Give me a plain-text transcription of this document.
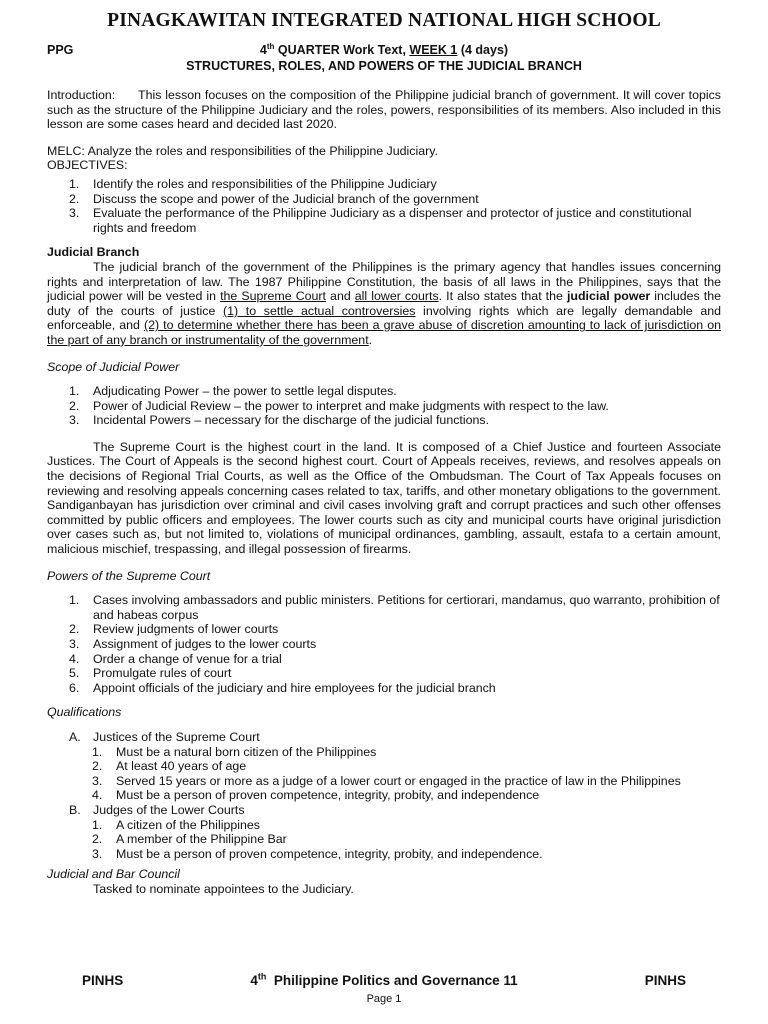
PINAGKAWITAN INTEGRATED NATIONAL HIGH SCHOOL
PPG	4th QUARTER Work Text, WEEK 1 (4 days)
STRUCTURES, ROLES, AND POWERS OF THE JUDICIAL BRANCH

Introduction: This lesson focuses on the composition of the Philippine judicial branch of government. It will cover topics such as the structure of the Philippine Judiciary and the roles, powers, responsibilities of its members. Also included in this lesson are some cases heard and decided last 2020.

MELC: Analyze the roles and responsibilities of the Philippine Judiciary.

OBJECTIVES:

1. Identify the roles and responsibilities of the Philippine Judiciary
2. Discuss the scope and power of the Judicial branch of the government
3. Evaluate the performance of the Philippine Judiciary as a dispenser and protector of justice and constitutional rights and freedom

Judicial Branch

The judicial branch of the government of the Philippines is the primary agency that handles issues concerning rights and interpretation of law. The 1987 Philippine Constitution, the basis of all laws in the Philippines, says that the judicial power will be vested in the Supreme Court and all lower courts. It also states that the judicial power includes the duty of the courts of justice (1) to settle actual controversies involving rights which are legally demandable and enforceable, and (2) to determine whether there has been a grave abuse of discretion amounting to lack of jurisdiction on the part of any branch or instrumentality of the government.

Scope of Judicial Power

1. Adjudicating Power – the power to settle legal disputes.
2. Power of Judicial Review – the power to interpret and make judgments with respect to the law.
3. Incidental Powers – necessary for the discharge of the judicial functions.

The Supreme Court is the highest court in the land. It is composed of a Chief Justice and fourteen Associate Justices. The Court of Appeals is the second highest court. Court of Appeals receives, reviews, and resolves appeals on the decisions of Regional Trial Courts, as well as the Office of the Ombudsman. The Court of Tax Appeals focuses on reviewing and resolving appeals concerning cases related to tax, tariffs, and other monetary obligations to the government. Sandiganbayan has jurisdiction over criminal and civil cases involving graft and corrupt practices and such other offenses committed by public officers and employees. The lower courts such as city and municipal courts have original jurisdiction over cases such as, but not limited to, violations of municipal ordinances, gambling, assault, estafa to a certain amount, malicious mischief, trespassing, and illegal possession of firearms.

Powers of the Supreme Court

1. Cases involving ambassadors and public ministers. Petitions for certiorari, mandamus, quo warranto, prohibition of and habeas corpus
2. Review judgments of lower courts
3. Assignment of judges to the lower courts
4. Order a change of venue for a trial
5. Promulgate rules of court
6. Appoint officials of the judiciary and hire employees for the judicial branch

Qualifications

A. Justices of the Supreme Court
1. Must be a natural born citizen of the Philippines
2. At least 40 years of age
3. Served 15 years or more as a judge of a lower court or engaged in the practice of law in the Philippines
4. Must be a person of proven competence, integrity, probity, and independence
B. Judges of the Lower Courts
1. A citizen of the Philippines
2. A member of the Philippine Bar
3. Must be a person of proven competence, integrity, probity, and independence.

Judicial and Bar Council

Tasked to nominate appointees to the Judiciary.

PINHS	4th  Philippine Politics and Governance 11	PINHS
Page 1
